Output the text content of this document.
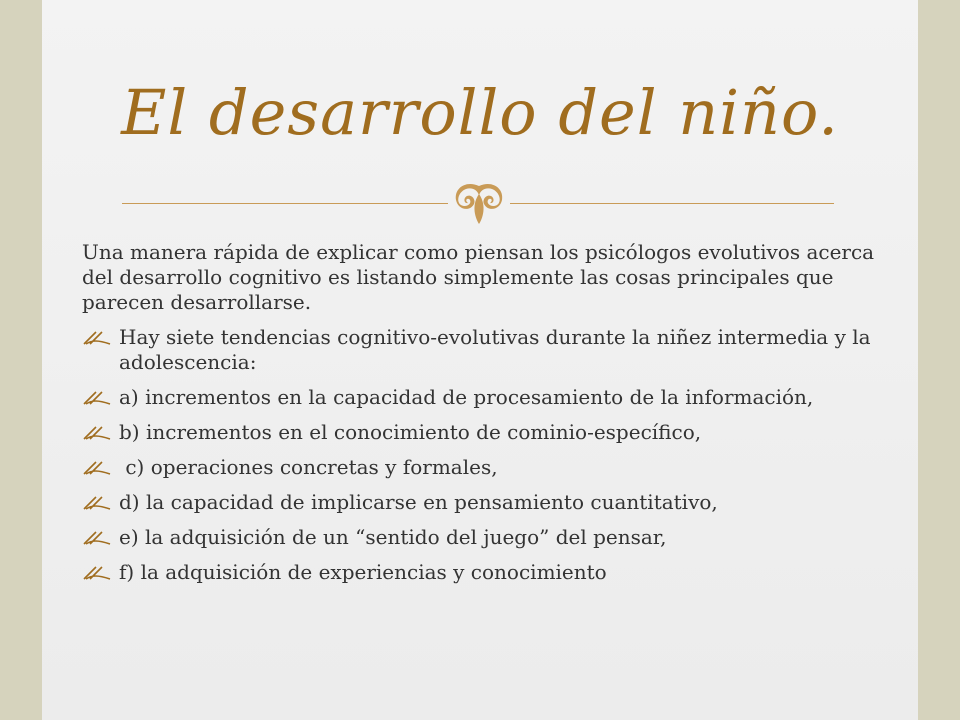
El desarrollo del niño.

Una manera rápida de explicar como piensan los psicólogos evolutivos acerca del desarrollo cognitivo es listando simplemente las cosas principales que parecen desarrollarse.

Hay siete tendencias cognitivo-evolutivas durante la niñez intermedia y la adolescencia:
a) incrementos en la capacidad de procesamiento de la información,
b) incrementos en el conocimiento de cominio-específico,
c) operaciones concretas y formales,
d) la capacidad de implicarse en pensamiento cuantitativo,
e) la adquisición de un “sentido del juego” del pensar,
f) la adquisición de experiencias y conocimiento
